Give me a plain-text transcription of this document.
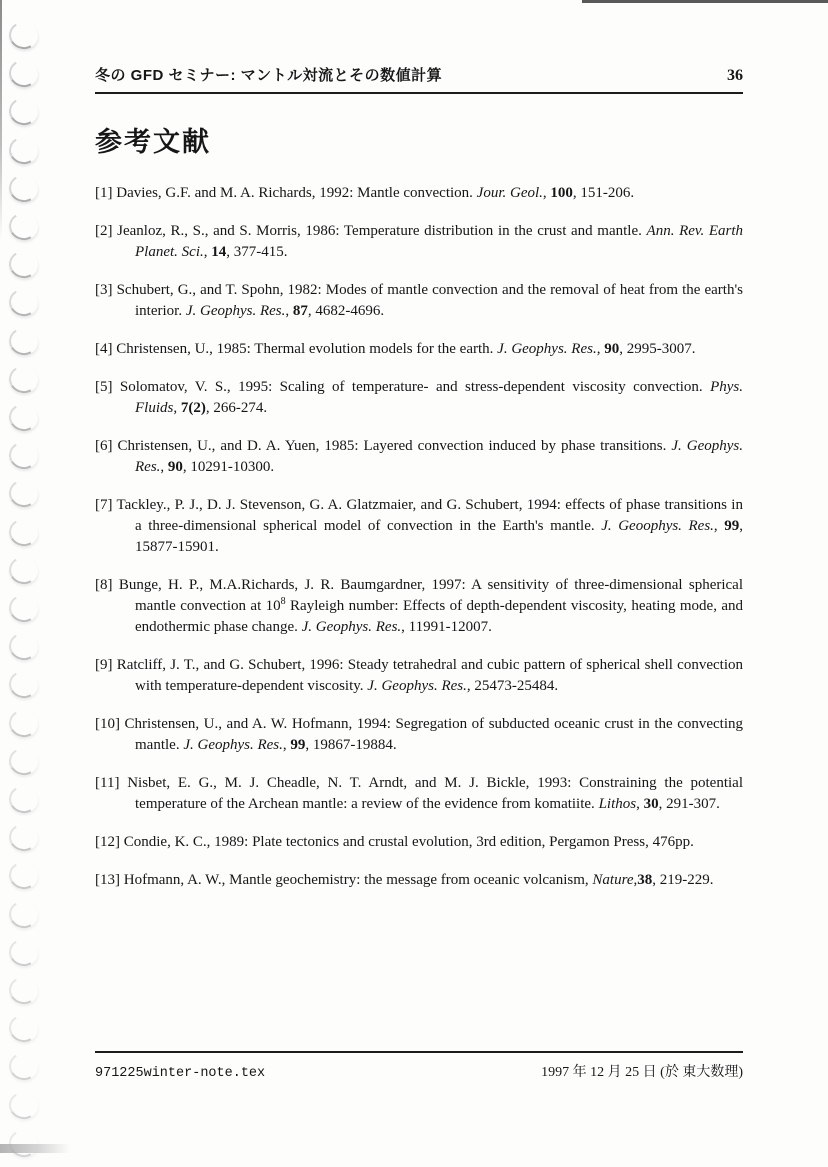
冬の GFD セミナー: マントル対流とその数値計算	36
参考文献
[1] Davies, G.F. and M. A. Richards, 1992: Mantle convection. Jour. Geol., 100, 151-206.
[2] Jeanloz, R., S., and S. Morris, 1986: Temperature distribution in the crust and mantle. Ann. Rev. Earth Planet. Sci., 14, 377-415.
[3] Schubert, G., and T. Spohn, 1982: Modes of mantle convection and the removal of heat from the earth's interior. J. Geophys. Res., 87, 4682-4696.
[4] Christensen, U., 1985: Thermal evolution models for the earth. J. Geophys. Res., 90, 2995-3007.
[5] Solomatov, V. S., 1995: Scaling of temperature- and stress-dependent viscosity convection. Phys. Fluids, 7(2), 266-274.
[6] Christensen, U., and D. A. Yuen, 1985: Layered convection induced by phase transitions. J. Geophys. Res., 90, 10291-10300.
[7] Tackley., P. J., D. J. Stevenson, G. A. Glatzmaier, and G. Schubert, 1994: effects of phase transitions in a three-dimensional spherical model of convection in the Earth's mantle. J. Geoophys. Res., 99, 15877-15901.
[8] Bunge, H. P., M.A.Richards, J. R. Baumgardner, 1997: A sensitivity of three-dimensional spherical mantle convection at $10^8$ Rayleigh number: Effects of depth-dependent viscosity, heating mode, and endothermic phase change. J. Geophys. Res., 11991-12007.
[9] Ratcliff, J. T., and G. Schubert, 1996: Steady tetrahedral and cubic pattern of spherical shell convection with temperature-dependent viscosity. J. Geophys. Res., 25473-25484.
[10] Christensen, U., and A. W. Hofmann, 1994: Segregation of subducted oceanic crust in the convecting mantle. J. Geophys. Res., 99, 19867-19884.
[11] Nisbet, E. G., M. J. Cheadle, N. T. Arndt, and M. J. Bickle, 1993: Constraining the potential temperature of the Archean mantle: a review of the evidence from komatiite. Lithos, 30, 291-307.
[12] Condie, K. C., 1989: Plate tectonics and crustal evolution, 3rd edition, Pergamon Press, 476pp.
[13] Hofmann, A. W., Mantle geochemistry: the message from oceanic volcanism, Nature,38, 219-229.
971225winter-note.tex	1997 年 12 月 25 日 (於 東大数理)
